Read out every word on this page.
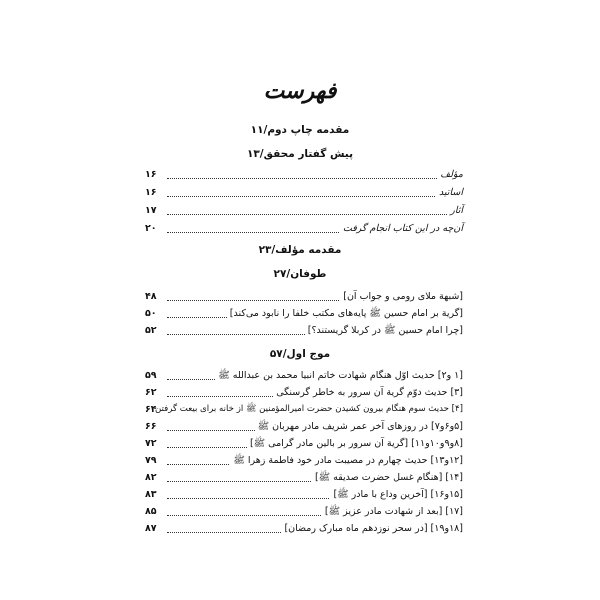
فهرست
مقدمه چاپ دوم/۱۱
پیش گفتار محقق/۱۳
مؤلف
۱۶
اساتید
۱۶
آثار
۱۷
آن‌چه در این کتاب انجام گرفت
۲۰
مقدمه مؤلف/۲۳
طوفان/۲۷
[شبهة ملای رومی و جواب آن]
۴۸
[گریة بر امام حسین ﷺ پایه‌های مکتب خلفا را نابود می‌کند]
۵۰
[چرا امام حسین ﷺ در کربلا گریستند؟]
۵۲
موج اول/۵۷
[۱ و۲] حدیث اوّل هنگام شهادت خاتم انبیا محمد بن عبدالله ﷺ
۵۹
[۳] حدیث دوّم گریة آن سرور به خاطر گرسنگی
۶۲
[۴] حدیث سوم هنگام بیرون کشیدن حضرت امیرالمؤمنین ﷺ از خانه برای بیعت گرفتن
۶۴
[۵و۶و۷] در روزهای آخر عمر شریف مادر مهربان ﷺ
۶۶
[۸و۹و۱۰و۱۱] [گریة آن سرور بر بالین مادر گرامی ﷺ]
۷۲
[۱۲و۱۳] حدیث چهارم در مصیبت مادر خود فاطمة زهرا ﷺ
۷۹
[۱۴] [هنگام غسل حضرت صدیقه ﷺ]
۸۲
[۱۵و۱۶] [آخرین وداع با مادر ﷺ]
۸۳
[۱۷] [بعد از شهادت مادر عزیز ﷺ]
۸۵
[۱۸و۱۹] [در سحر نوزدهم ماه مبارک رمضان]
۸۷
